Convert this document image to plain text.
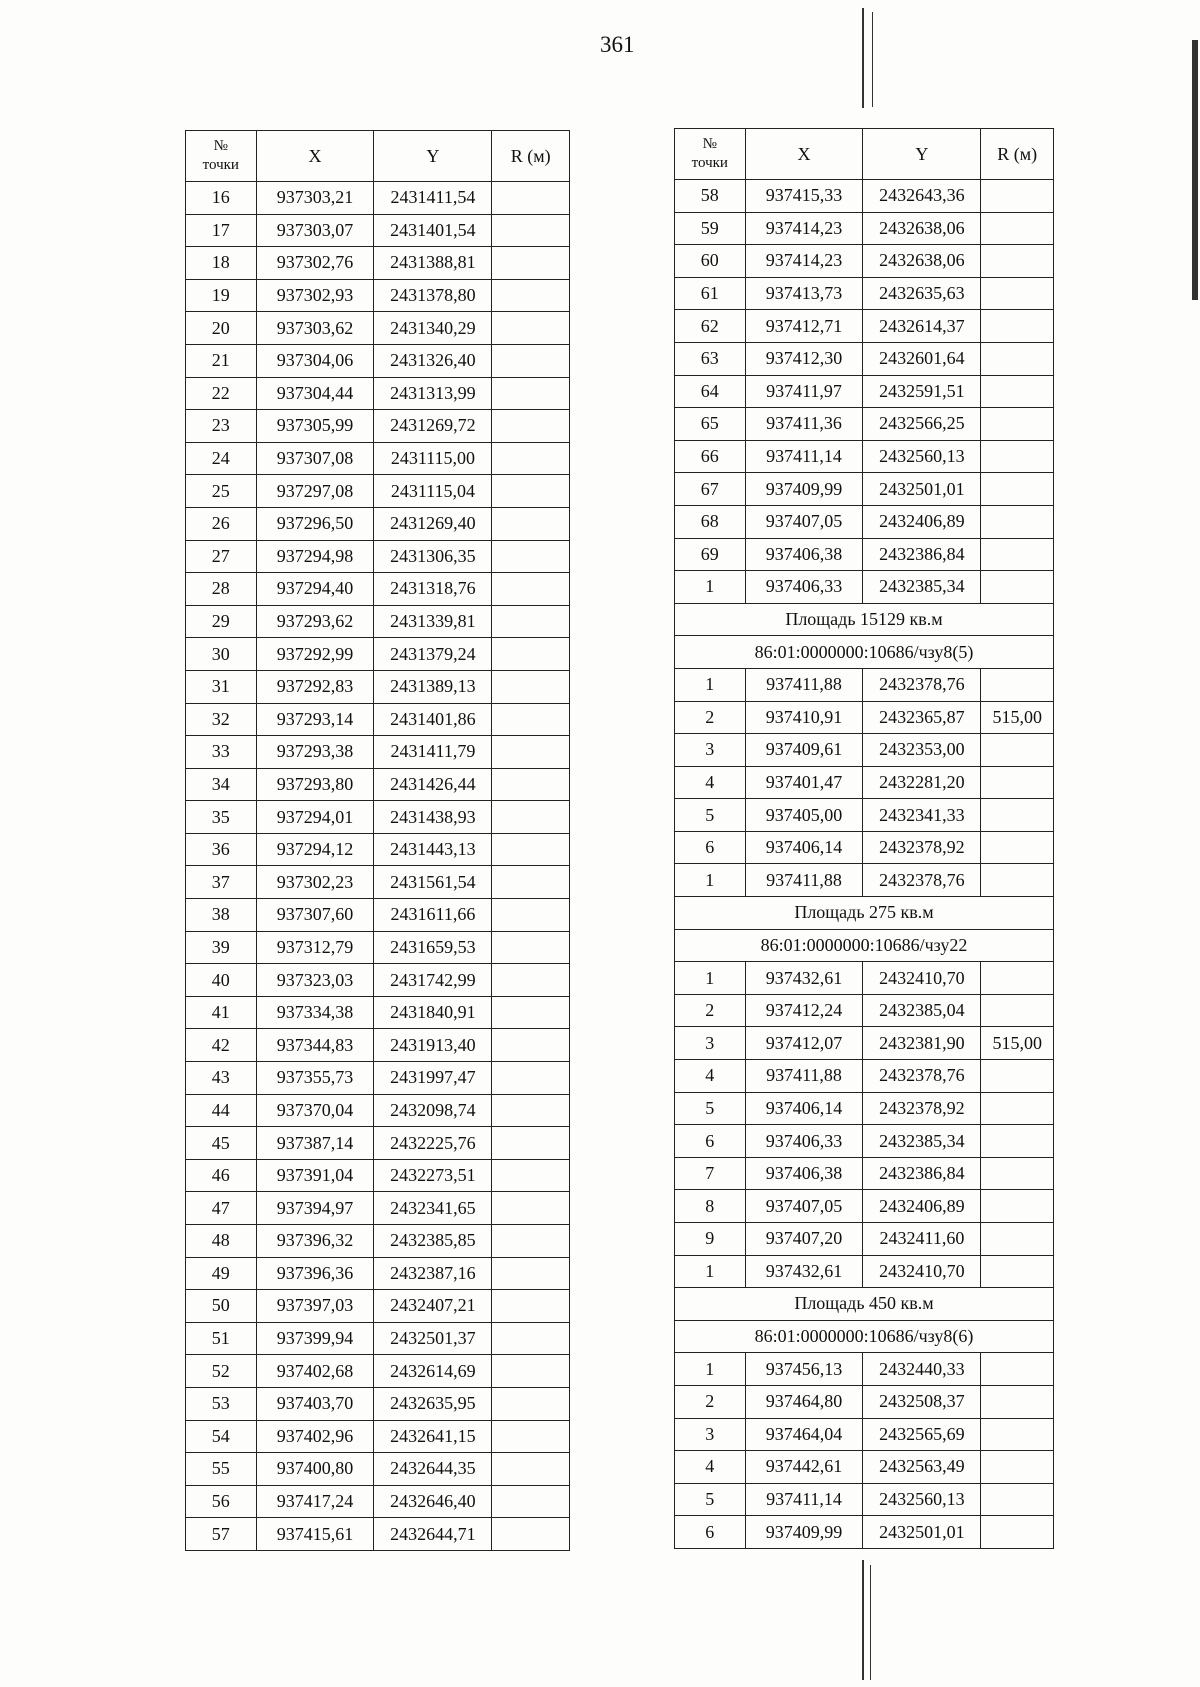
361
№
точки	X	Y	R (м)
16	937303,21	2431411,54	
17	937303,07	2431401,54	
18	937302,76	2431388,81	
19	937302,93	2431378,80	
20	937303,62	2431340,29	
21	937304,06	2431326,40	
22	937304,44	2431313,99	
23	937305,99	2431269,72	
24	937307,08	2431115,00	
25	937297,08	2431115,04	
26	937296,50	2431269,40	
27	937294,98	2431306,35	
28	937294,40	2431318,76	
29	937293,62	2431339,81	
30	937292,99	2431379,24	
31	937292,83	2431389,13	
32	937293,14	2431401,86	
33	937293,38	2431411,79	
34	937293,80	2431426,44	
35	937294,01	2431438,93	
36	937294,12	2431443,13	
37	937302,23	2431561,54	
38	937307,60	2431611,66	
39	937312,79	2431659,53	
40	937323,03	2431742,99	
41	937334,38	2431840,91	
42	937344,83	2431913,40	
43	937355,73	2431997,47	
44	937370,04	2432098,74	
45	937387,14	2432225,76	
46	937391,04	2432273,51	
47	937394,97	2432341,65	
48	937396,32	2432385,85	
49	937396,36	2432387,16	
50	937397,03	2432407,21	
51	937399,94	2432501,37	
52	937402,68	2432614,69	
53	937403,70	2432635,95	
54	937402,96	2432641,15	
55	937400,80	2432644,35	
56	937417,24	2432646,40	
57	937415,61	2432644,71	
№
точки	X	Y	R (м)
58	937415,33	2432643,36	
59	937414,23	2432638,06	
60	937414,23	2432638,06	
61	937413,73	2432635,63	
62	937412,71	2432614,37	
63	937412,30	2432601,64	
64	937411,97	2432591,51	
65	937411,36	2432566,25	
66	937411,14	2432560,13	
67	937409,99	2432501,01	
68	937407,05	2432406,89	
69	937406,38	2432386,84	
1	937406,33	2432385,34	
Площадь 15129 кв.м			
86:01:0000000:10686/чзу8(5)			
1	937411,88	2432378,76	
2	937410,91	2432365,87	515,00
3	937409,61	2432353,00	
4	937401,47	2432281,20	
5	937405,00	2432341,33	
6	937406,14	2432378,92	
1	937411,88	2432378,76	
Площадь 275 кв.м			
86:01:0000000:10686/чзу22			
1	937432,61	2432410,70	
2	937412,24	2432385,04	
3	937412,07	2432381,90	515,00
4	937411,88	2432378,76	
5	937406,14	2432378,92	
6	937406,33	2432385,34	
7	937406,38	2432386,84	
8	937407,05	2432406,89	
9	937407,20	2432411,60	
1	937432,61	2432410,70	
Площадь 450 кв.м			
86:01:0000000:10686/чзу8(6)			
1	937456,13	2432440,33	
2	937464,80	2432508,37	
3	937464,04	2432565,69	
4	937442,61	2432563,49	
5	937411,14	2432560,13	
6	937409,99	2432501,01	
